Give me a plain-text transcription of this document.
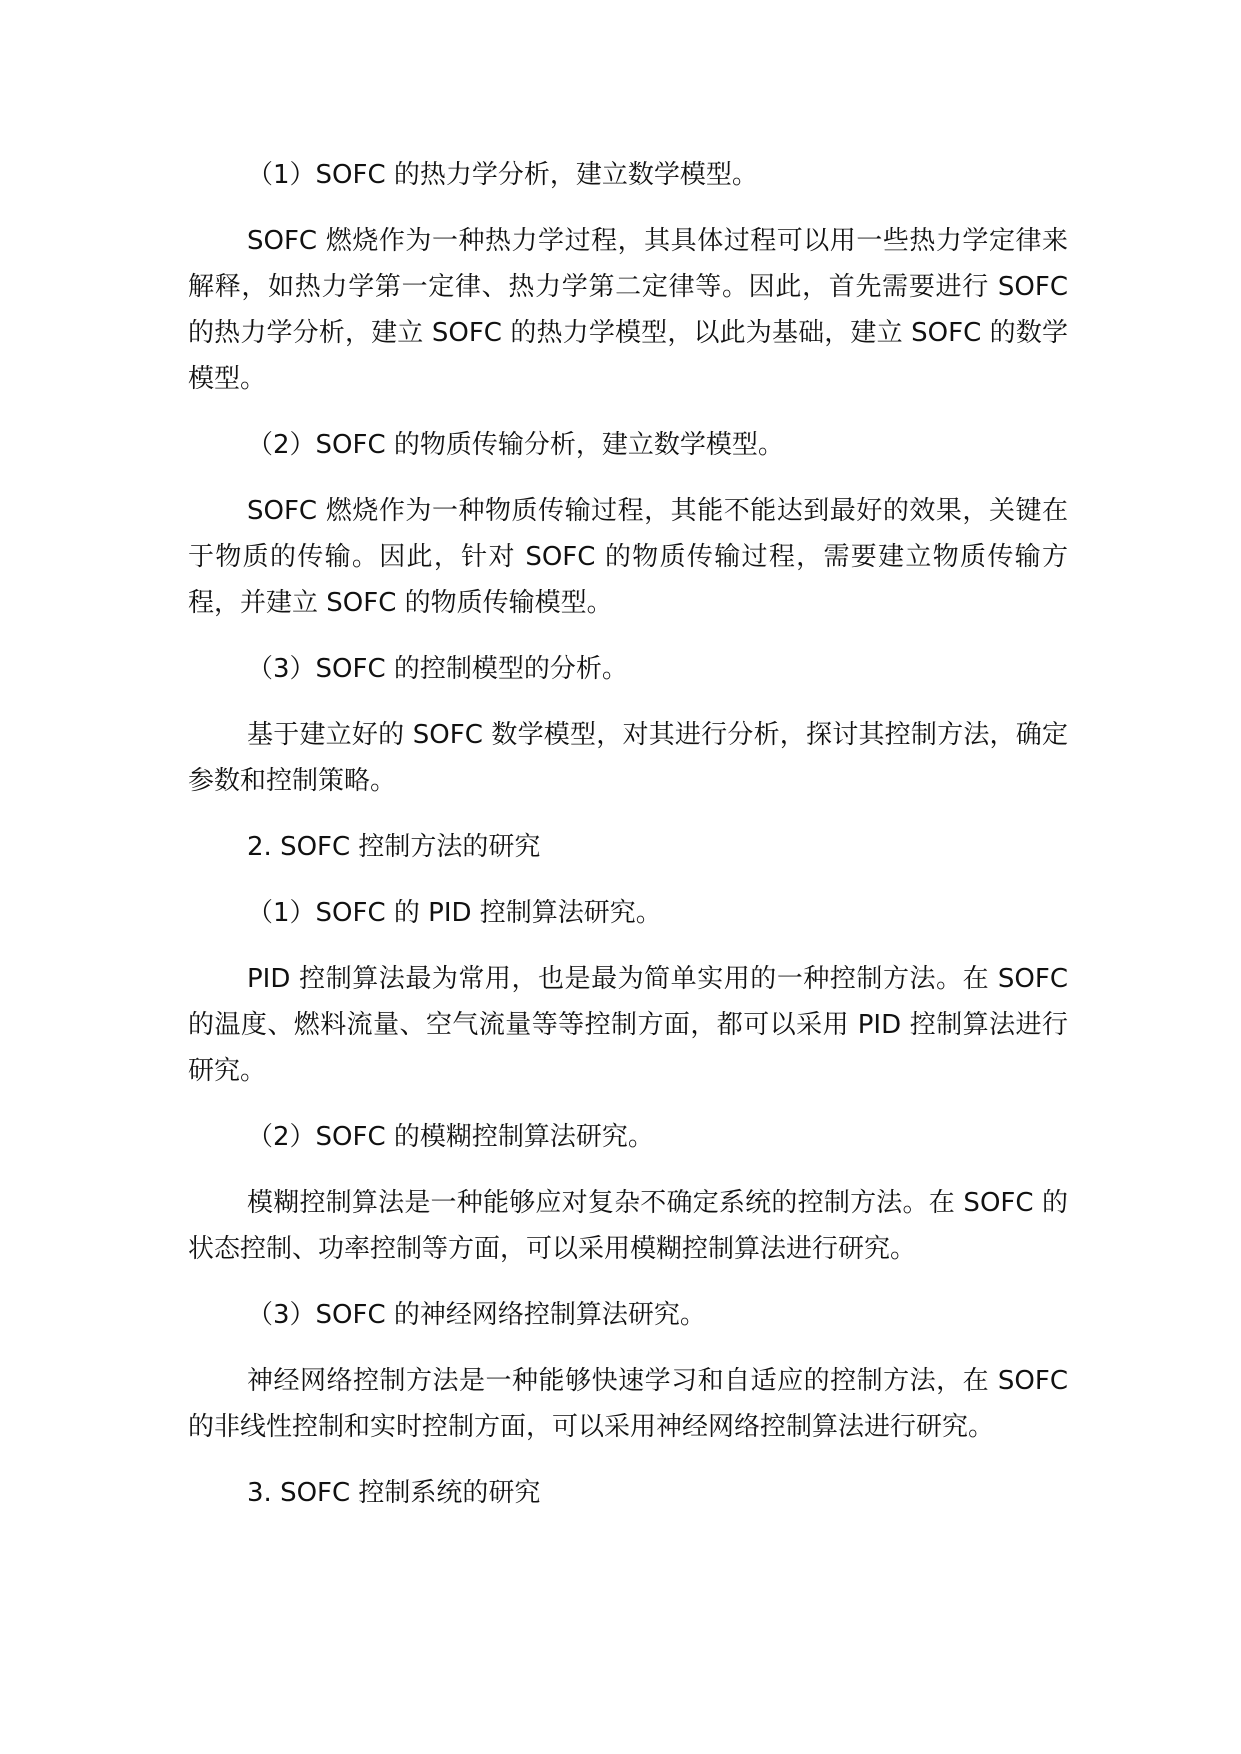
（1）SOFC 的热力学分析，建立数学模型。

SOFC 燃烧作为一种热力学过程，其具体过程可以用一些热力学定律来解释，如热力学第一定律、热力学第二定律等。因此，首先需要进行 SOFC 的热力学分析，建立 SOFC 的热力学模型，以此为基础，建立 SOFC 的数学模型。

（2）SOFC 的物质传输分析，建立数学模型。

SOFC 燃烧作为一种物质传输过程，其能不能达到最好的效果，关键在于物质的传输。因此，针对 SOFC 的物质传输过程，需要建立物质传输方程，并建立 SOFC 的物质传输模型。

（3）SOFC 的控制模型的分析。

基于建立好的 SOFC 数学模型，对其进行分析，探讨其控制方法，确定参数和控制策略。

2. SOFC 控制方法的研究

（1）SOFC 的 PID 控制算法研究。

PID 控制算法最为常用，也是最为简单实用的一种控制方法。在 SOFC 的温度、燃料流量、空气流量等等控制方面，都可以采用 PID 控制算法进行研究。

（2）SOFC 的模糊控制算法研究。

模糊控制算法是一种能够应对复杂不确定系统的控制方法。在 SOFC 的状态控制、功率控制等方面，可以采用模糊控制算法进行研究。

（3）SOFC 的神经网络控制算法研究。

神经网络控制方法是一种能够快速学习和自适应的控制方法，在 SOFC 的非线性控制和实时控制方面，可以采用神经网络控制算法进行研究。

3. SOFC 控制系统的研究
